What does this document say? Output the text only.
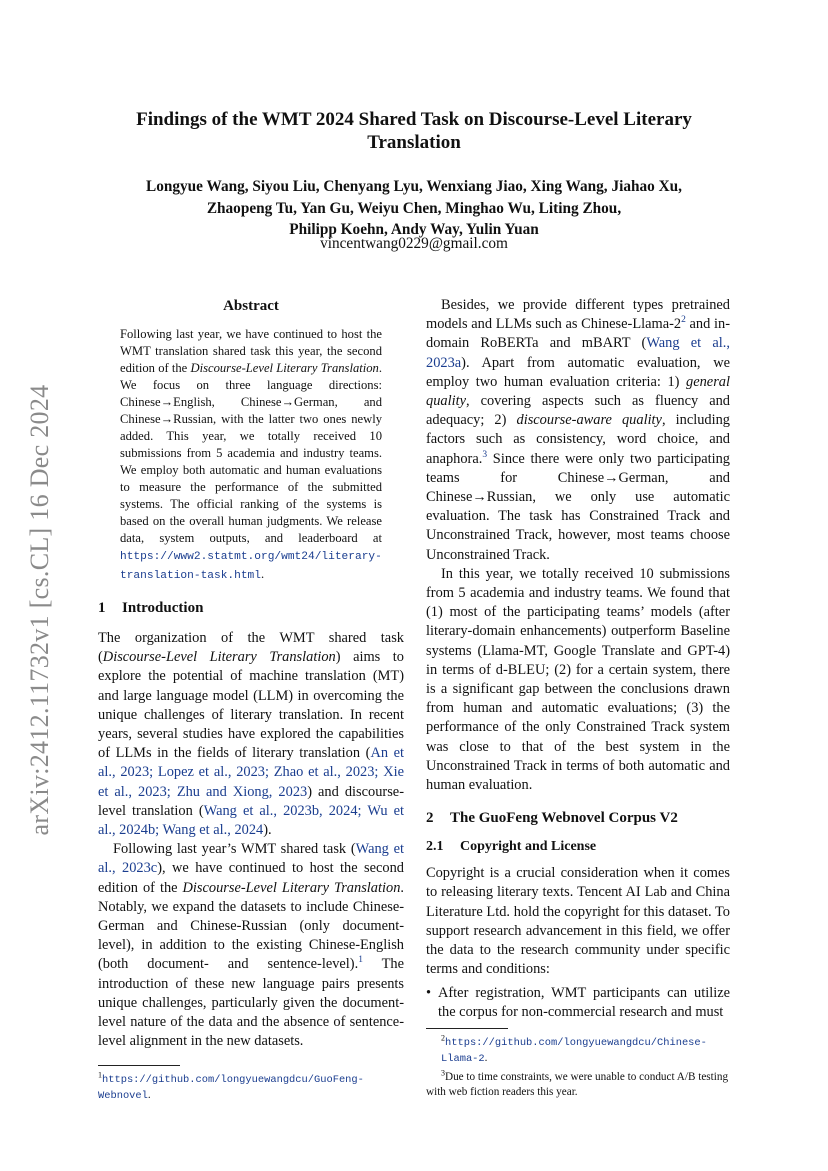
arXiv:2412.11732v1 [cs.CL] 16 Dec 2024
Findings of the WMT 2024 Shared Task on Discourse-Level Literary
Translation
Longyue Wang, Siyou Liu, Chenyang Lyu, Wenxiang Jiao, Xing Wang, Jiahao Xu,
Zhaopeng Tu, Yan Gu, Weiyu Chen, Minghao Wu, Liting Zhou,
Philipp Koehn, Andy Way, Yulin Yuan
vincentwang0229@gmail.com
Abstract
Following last year, we have continued to host the WMT translation shared task this year, the second edition of the Discourse-Level Literary Translation. We focus on three language directions: Chinese→English, Chinese→German, and Chinese→Russian, with the latter two ones newly added. This year, we totally received 10 submissions from 5 academia and industry teams. We employ both automatic and human evaluations to measure the performance of the submitted systems. The official ranking of the systems is based on the overall human judgments. We release data, system outputs, and leaderboard at https://www2.statmt.org/wmt24/literary-translation-task.html.
1 Introduction

The organization of the WMT shared task (Discourse-Level Literary Translation) aims to explore the potential of machine translation (MT) and large language model (LLM) in overcoming the unique challenges of literary translation. In recent years, several studies have explored the capabilities of LLMs in the fields of literary translation (An et al., 2023; Lopez et al., 2023; Zhao et al., 2023; Xie et al., 2023; Zhu and Xiong, 2023) and discourse-level translation (Wang et al., 2023b, 2024; Wu et al., 2024b; Wang et al., 2024).

Following last year’s WMT shared task (Wang et al., 2023c), we have continued to host the second edition of the Discourse-Level Literary Translation. Notably, we expand the datasets to include Chinese-German and Chinese-Russian (only document-level), in addition to the existing Chinese-English (both document- and sentence-level).$^1$ The introduction of these new language pairs presents unique challenges, particularly given the document-level nature of the data and the absence of sentence-level alignment in the new datasets.

$^1$https://github.com/longyuewangdcu/GuoFeng-Webnovel.

Besides, we provide different types pretrained models and LLMs such as Chinese-$Llama-2^2$ and in-domain RoBERTa and mBART (Wang et al., 2023a). Apart from automatic evaluation, we employ two human evaluation criteria: 1) general quality, covering aspects such as fluency and adequacy; 2) discourse-aware quality, including factors such as consistency, word choice, and anaphora.$^3$ Since there were only two participating teams for Chinese→German, and Chinese→Russian, we only use automatic evaluation. The task has Constrained Track and Unconstrained Track, however, most teams choose Unconstrained Track.

In this year, we totally received 10 submissions from 5 academia and industry teams. We found that (1) most of the participating teams’ models (after literary-domain enhancements) outperform Baseline systems (Llama-MT, Google Translate and GPT-4) in terms of d-BLEU; (2) for a certain system, there is a significant gap between the conclusions drawn from human and automatic evaluations; (3) the performance of the only Constrained Track system was close to that of the best system in the Unconstrained Track in terms of both automatic and human evaluation.

2 The GuoFeng Webnovel Corpus V2
2.1 Copyright and License

Copyright is a crucial consideration when it comes to releasing literary texts. Tencent AI Lab and China Literature Ltd. hold the copyright for this dataset. To support research advancement in this field, we offer the data to the research community under specific terms and conditions:

• After registration, WMT participants can utilize the corpus for non-commercial research and must
$^2$https://github.com/longyuewangdcu/Chinese-Llama-2.
$^3$Due to time constraints, we were unable to conduct A/B testing with web fiction readers this year.
